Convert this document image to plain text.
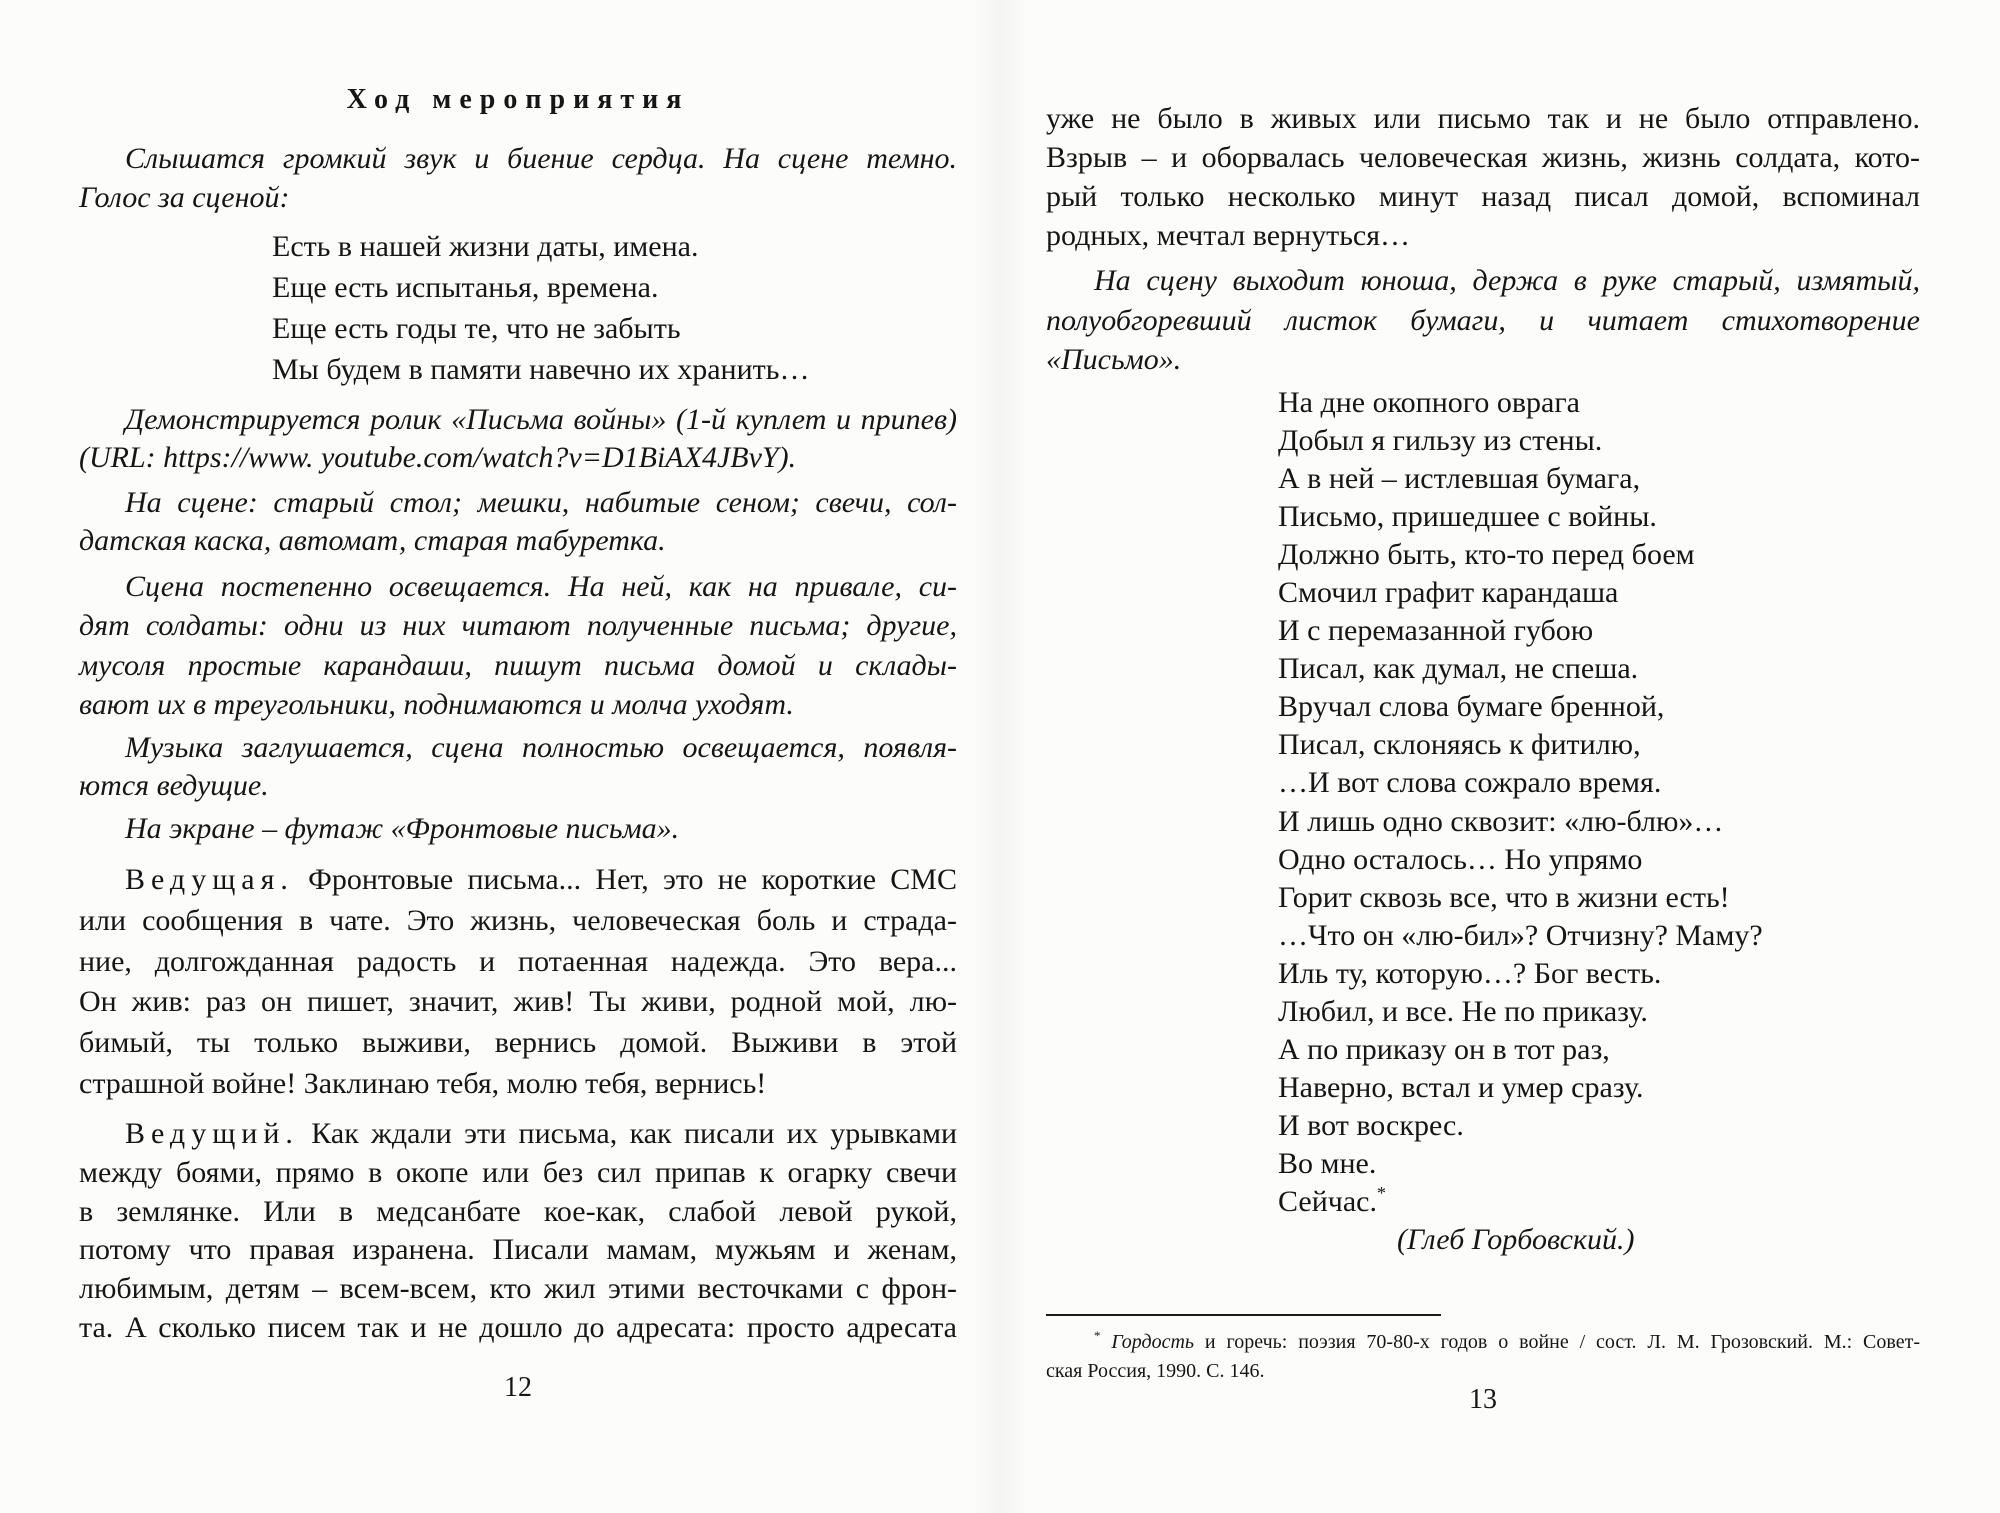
Ход мероприятия
Слышатся громкий звук и биение сердца. На сцене темно.
Голос за сценой:
Есть в нашей жизни даты, имена.
Еще есть испытанья, времена.
Еще есть годы те, что не забыть
Мы будем в памяти навечно их хранить…
Демонстрируется ролик «Письма войны» (1-й куплет и припев)
(URL: https://www. youtube.com/watch?v=D1BiAX4JBvY).
На сцене: старый стол; мешки, набитые сеном; свечи, сол-
датская каска, автомат, старая табуретка.
Сцена постепенно освещается. На ней, как на привале, си-
дят солдаты: одни из них читают полученные письма; другие,
мусоля простые карандаши, пишут письма домой и склады-
вают их в треугольники, поднимаются и молча уходят.
Музыка заглушается, сцена полностью освещается, появля-
ются ведущие.
На экране – футаж «Фронтовые письма».
Ведущая. Фронтовые письма... Нет, это не короткие СМС
или сообщения в чате. Это жизнь, человеческая боль и страда-
ние, долгожданная радость и потаенная надежда. Это вера...
Он жив: раз он пишет, значит, жив! Ты живи, родной мой, лю-
бимый, ты только выживи, вернись домой. Выживи в этой
страшной войне! Заклинаю тебя, молю тебя, вернись!
Ведущий. Как ждали эти письма, как писали их урывками
между боями, прямо в окопе или без сил припав к огарку свечи
в землянке. Или в медсанбате кое-как, слабой левой рукой,
потому что правая изранена. Писали мамам, мужьям и женам,
любимым, детям – всем-всем, кто жил этими весточками с фрон-
та. А сколько писем так и не дошло до адресата: просто адресата
12
уже не было в живых или письмо так и не было отправлено.
Взрыв – и оборвалась человеческая жизнь, жизнь солдата, кото-
рый только несколько минут назад писал домой, вспоминал
родных, мечтал вернуться…
На сцену выходит юноша, держа в руке старый, измятый,
полуобгоревший листок бумаги, и читает стихотворение
«Письмо».
На дне окопного оврага
Добыл я гильзу из стены.
А в ней – истлевшая бумага,
Письмо, пришедшее с войны.
Должно быть, кто-то перед боем
Смочил графит карандаша
И с перемазанной губою
Писал, как думал, не спеша.
Вручал слова бумаге бренной,
Писал, склоняясь к фитилю,
…И вот слова сожрало время.
И лишь одно сквозит: «лю-блю»…
Одно осталось… Но упрямо
Горит сквозь все, что в жизни есть!
…Что он «лю-бил»? Отчизну? Маму?
Иль ту, которую…? Бог весть.
Любил, и все. Не по приказу.
А по приказу он в тот раз,
Наверно, встал и умер сразу.
И вот воскрес.
Во мне.
Сейчас.*
(Глеб Горбовский.)
* Гордость и горечь: поэзия 70-80-х годов о войне / сост. Л. М. Грозовский. М.: Совет-
ская Россия, 1990. С. 146.
13
